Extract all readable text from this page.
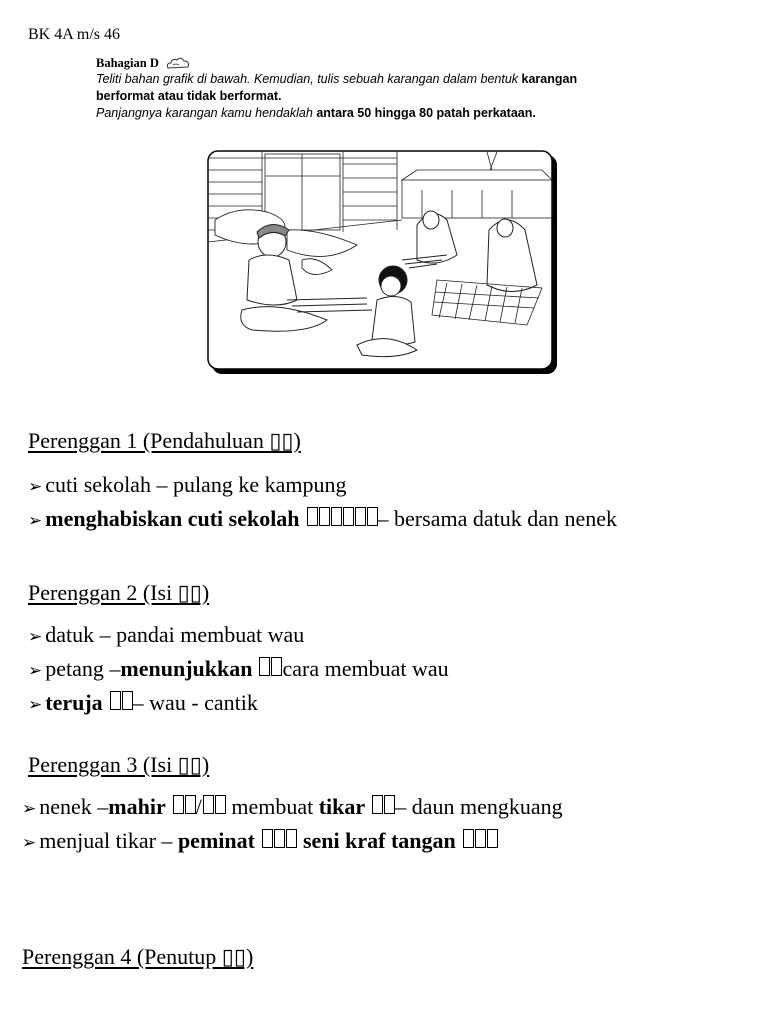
BK 4A m/s 46
Bahagian D
Teliti bahan grafik di bawah. Kemudian, tulis sebuah karangan dalam bentuk karangan
berformat atau tidak berformat.
Panjangnya karangan kamu hendaklah antara 50 hingga 80 patah perkataan.
Perenggan 1 (Pendahuluan ▯▯)
➢ cuti sekolah – pulang ke kampung
➢ menghabiskan cuti sekolah	– bersama datuk dan nenek
Perenggan 2 (Isi ▯▯)
➢ datuk – pandai membuat wau
➢ petang – menunjukkan cara membuat wau
➢ teruja – wau - cantik
Perenggan 3 (Isi ▯▯)
➢ nenek – mahir / membuat tikar – daun mengkuang
➢ menjual tikar – peminat seni kraf tangan
Perenggan 4 (Penutup ▯▯)
